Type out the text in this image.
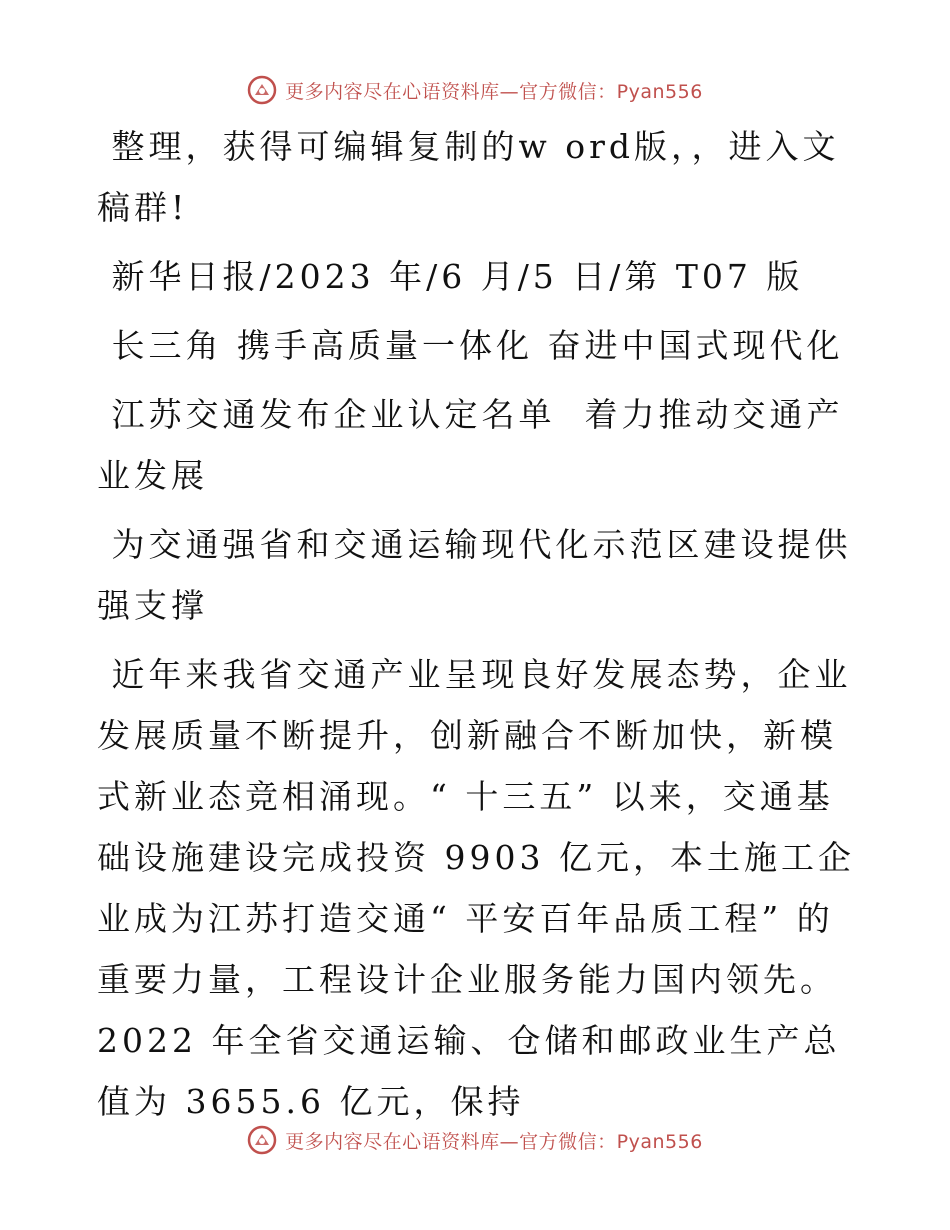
更多内容尽在心语资料库—官方微信：Pyan556

整理，获得可编辑复制的w ord版，，进入文稿群!

新华日报/2023 年/6 月/5 日/第 T07 版

长三角 携手高质量一体化 奋进中国式现代化

江苏交通发布企业认定名单  着力推动交通产业发展

为交通强省和交通运输现代化示范区建设提供强支撑

近年来我省交通产业呈现良好发展态势，企业发展质量不断提升，创新融合不断加快，新模式新业态竞相涌现。“ 十三五” 以来，交通基础设施建设完成投资 9903 亿元，本土施工企业成为江苏打造交通“ 平安百年品质工程” 的重要力量，工程设计企业服务能力国内领先。2022 年全省交通运输、仓储和邮政业生产总值为 3655.6 亿元，保持

更多内容尽在心语资料库—官方微信：Pyan556
